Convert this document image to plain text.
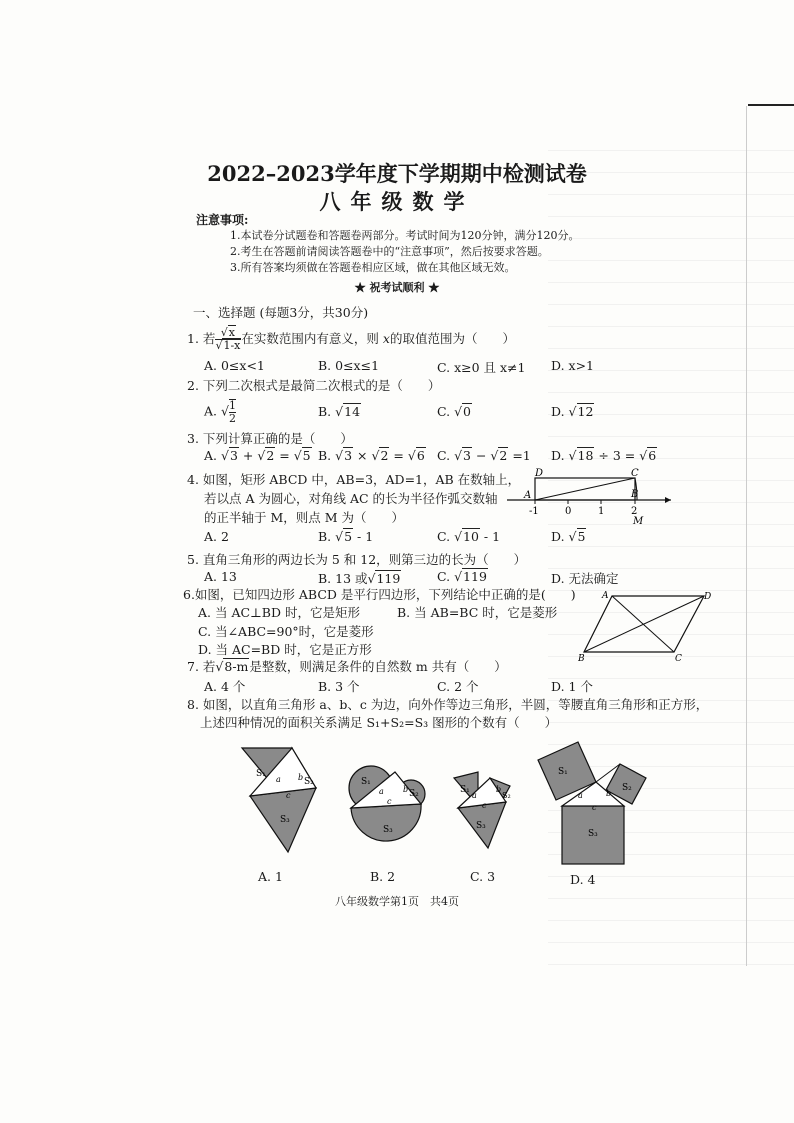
2022–2023学年度下学期期中检测试卷
八年级数学
注意事项:
1.本试卷分试题卷和答题卷两部分。考试时间为120分钟，满分120分。
2.考生在答题前请阅读答题卷中的“注意事项”，然后按要求答题。
3.所有答案均须做在答题卷相应区域，做在其他区域无效。
★ 祝考试顺利 ★
一、选择题 (每题3分，共30分)
1. 若 $\frac{√x}{√1-x}$在实数范围内有意义，则 x的取值范围为（　　）
A. 0≤x<1	B. 0≤x≤1	C. x≥0 且 x≠1 D. x>1
2. 下列二次根式是最简二次根式的是（　　）
A. √ $\frac{1}{2}$	B. √14	C. √0	D. √12
3. 下列计算正确的是（　　）
A. √3 + √2 = √5 B. √3 × √2 = √6 C. √3 − √2 =1 D. √18 ÷ 3 = √6
4. 如图，矩形 ABCD 中，AB=3，AD=1，AB 在数轴上，
若以点 A 为圆心，对角线 AC 的长为半径作弧交数轴
的正半轴于 M，则点 M 为（　　）
A. 2	B. √5 - 1	C. √10 - 1	D. √5
D	C
A	B
M
-1	0	1	2
5. 直角三角形的两边长为 5 和 12，则第三边的长为（　　）
A. 13	B. 13 或√119	C. √119	D. 无法确定
6.如图，已知四边形 ABCD 是平行四边形，下列结论中正确的是(　　)
A. 当 AC⊥BD 时，它是矩形	B. 当 AB=BC 时，它是菱形
C. 当∠ABC=90°时，它是菱形
D. 当 AC=BD 时，它是正方形
A	D
B	C
7. 若√8-m是整数，则满足条件的自然数 m 共有（　　）
A. 4 个	B. 3 个	C. 2 个	D. 1 个
8. 如图，以直角三角形 a、b、c 为边，向外作等边三角形，半圆，等腰直角三角形和正方形，
上述四种情况的面积关系满足 S₁+S₂=S₃ 图形的个数有（　　）
S₁
S₂
S₃
a b
c
S₁
S₂
S₃
a b
c
S₁
S₂
S₃
a
b
c
S₁
S₂
S₃
a	b
c
A. 1	B. 2	C. 3	D. 4
八年级数学第1页　共4页
